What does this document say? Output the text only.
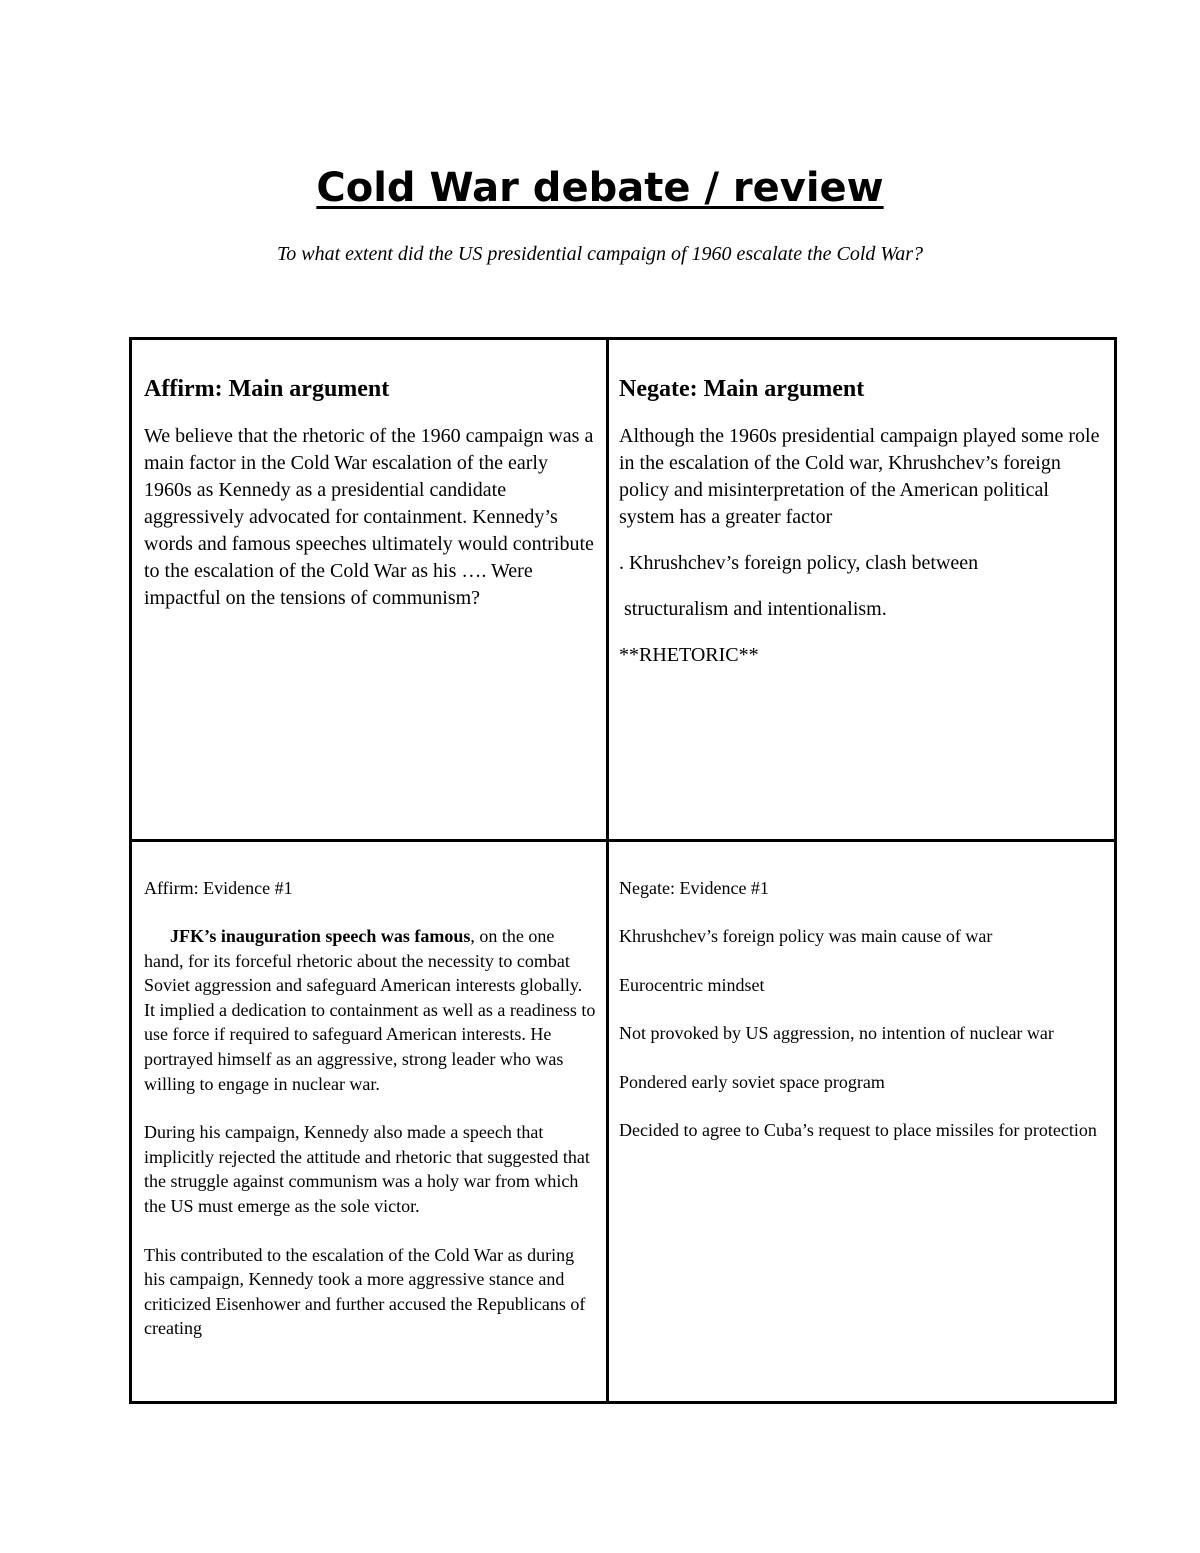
Cold War debate / review

To what extent did the US presidential campaign of 1960 escalate the Cold War?

Affirm: Main argument

We believe that the rhetoric of the 1960 campaign was a main factor in the Cold War escalation of the early 1960s as Kennedy as a presidential candidate aggressively advocated for containment. Kennedy’s words and famous speeches ultimately would contribute to the escalation of the Cold War as his …. Were impactful on the tensions of communism?

Negate: Main argument

Although the 1960s presidential campaign played some role in the escalation of the Cold war, Khrushchev’s foreign policy and misinterpretation of the American political system has a greater factor

. Khrushchev’s foreign policy, clash between

structuralism and intentionalism.

**RHETORIC**

Affirm: Evidence #1

JFK’s inauguration speech was famous, on the one hand, for its forceful rhetoric about the necessity to combat Soviet aggression and safeguard American interests globally. It implied a dedication to containment as well as a readiness to use force if required to safeguard American interests. He portrayed himself as an aggressive, strong leader who was willing to engage in nuclear war.

During his campaign, Kennedy also made a speech that implicitly rejected the attitude and rhetoric that suggested that the struggle against communism was a holy war from which the US must emerge as the sole victor.

This contributed to the escalation of the Cold War as during his campaign, Kennedy took a more aggressive stance and criticized Eisenhower and further accused the Republicans of creating

Negate: Evidence #1

Khrushchev’s foreign policy was main cause of war

Eurocentric mindset

Not provoked by US aggression, no intention of nuclear war

Pondered early soviet space program

Decided to agree to Cuba’s request to place missiles for protection
